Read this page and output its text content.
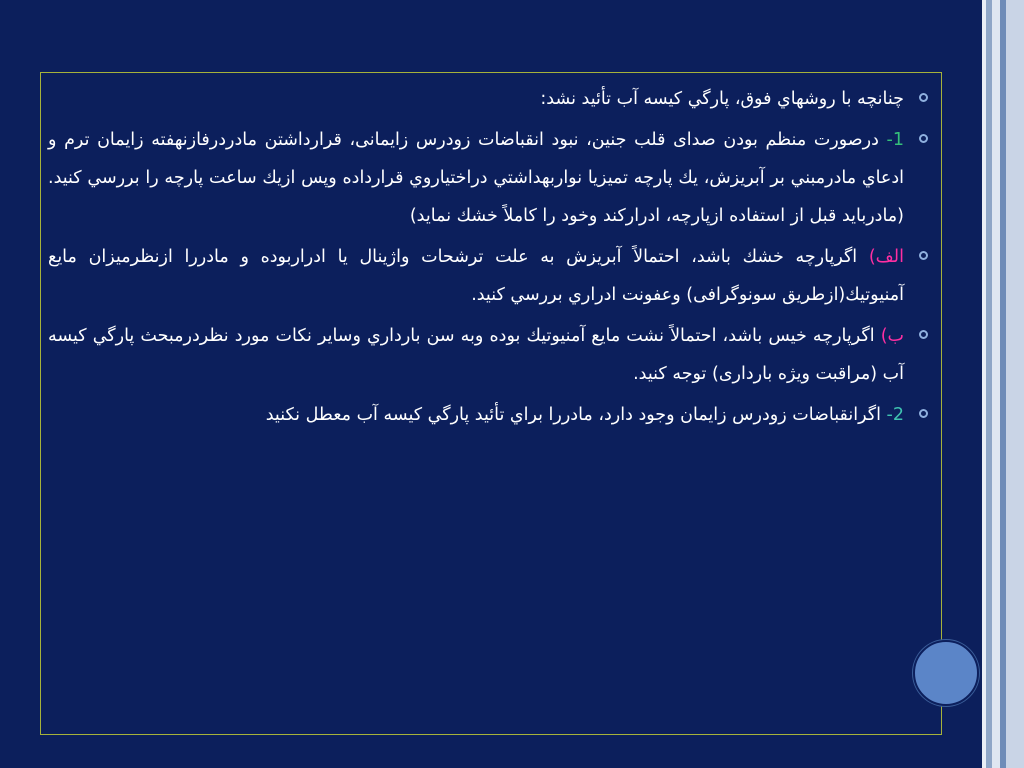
چنانچه با روشهاي فوق، پارگي کيسه آب تأئيد نشد:
1- درصورت منظم بودن صدای قلب جنين، نبود انقباضات زودرس زايمانی، قرارداشتن مادردرفازنهفته زايمان ترم و ادعاي مادرمبني بر آبريزش، يك پارچه تميزيا نواربهداشتي دراختياروي قرارداده وپس ازيك ساعت پارچه را بررسي كنيد. (مادربايد قبل از استفاده ازپارچه، ادراركند وخود را كاملاً خشك نمايد)
الف) اگرپارچه خشك باشد، احتمالاً آبريزش به علت ترشحات واژينال يا ادراربوده و مادررا ازنظرميزان مايع آمنيوتيك(ازطريق سونوگرافی) وعفونت ادراري بررسي كنيد.
ب) اگرپارچه خيس باشد، احتمالاً نشت مايع آمنيوتيك بوده وبه سن بارداري وساير نكات مورد نظردرمبحث پارگي كيسه آب (مراقبت ويژه بارداری) توجه كنيد.
2- اگرانقباضات زودرس زايمان وجود دارد، مادررا براي تأئيد پارگي كيسه آب معطل نكنيد
